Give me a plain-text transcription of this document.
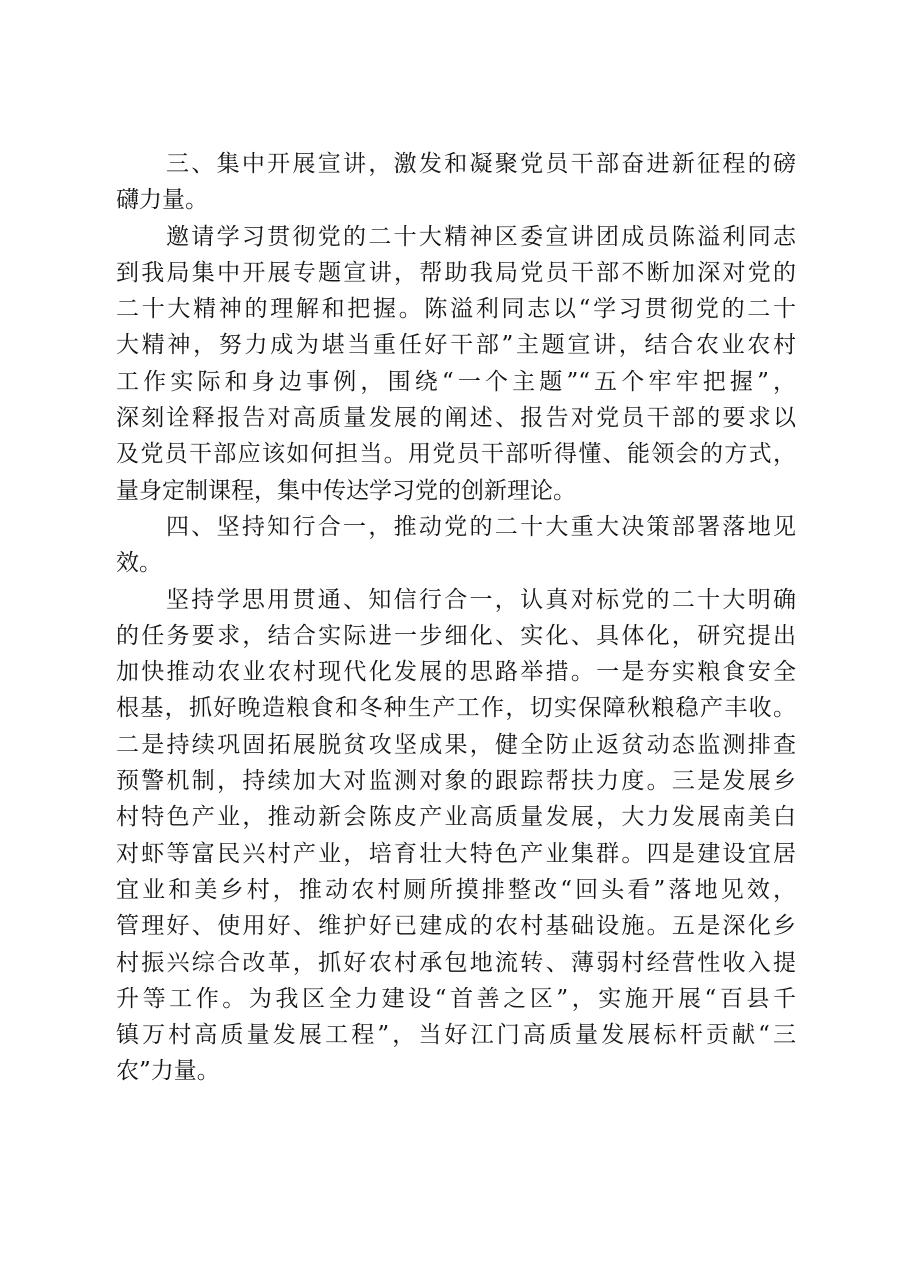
三、集中开展宣讲，激发和凝聚党员干部奋进新征程的磅
礴力量。

邀请学习贯彻党的二十大精神区委宣讲团成员陈溢利同志
到我局集中开展专题宣讲，帮助我局党员干部不断加深对党的
二十大精神的理解和把握。陈溢利同志以“学习贯彻党的二十
大精神，努力成为堪当重任好干部”主题宣讲，结合农业农村
工作实际和身边事例，围绕“一个主题”“五个牢牢把握”，
深刻诠释报告对高质量发展的阐述、报告对党员干部的要求以
及党员干部应该如何担当。用党员干部听得懂、能领会的方式，
量身定制课程，集中传达学习党的创新理论。

四、坚持知行合一，推动党的二十大重大决策部署落地见
效。

坚持学思用贯通、知信行合一，认真对标党的二十大明确
的任务要求，结合实际进一步细化、实化、具体化，研究提出
加快推动农业农村现代化发展的思路举措。一是夯实粮食安全
根基，抓好晚造粮食和冬种生产工作，切实保障秋粮稳产丰收。
二是持续巩固拓展脱贫攻坚成果，健全防止返贫动态监测排查
预警机制，持续加大对监测对象的跟踪帮扶力度。三是发展乡
村特色产业，推动新会陈皮产业高质量发展，大力发展南美白
对虾等富民兴村产业，培育壮大特色产业集群。四是建设宜居
宜业和美乡村，推动农村厕所摸排整改“回头看”落地见效，
管理好、使用好、维护好已建成的农村基础设施。五是深化乡
村振兴综合改革，抓好农村承包地流转、薄弱村经营性收入提
升等工作。为我区全力建设“首善之区”，实施开展“百县千
镇万村高质量发展工程”，当好江门高质量发展标杆贡献“三
农”力量。
